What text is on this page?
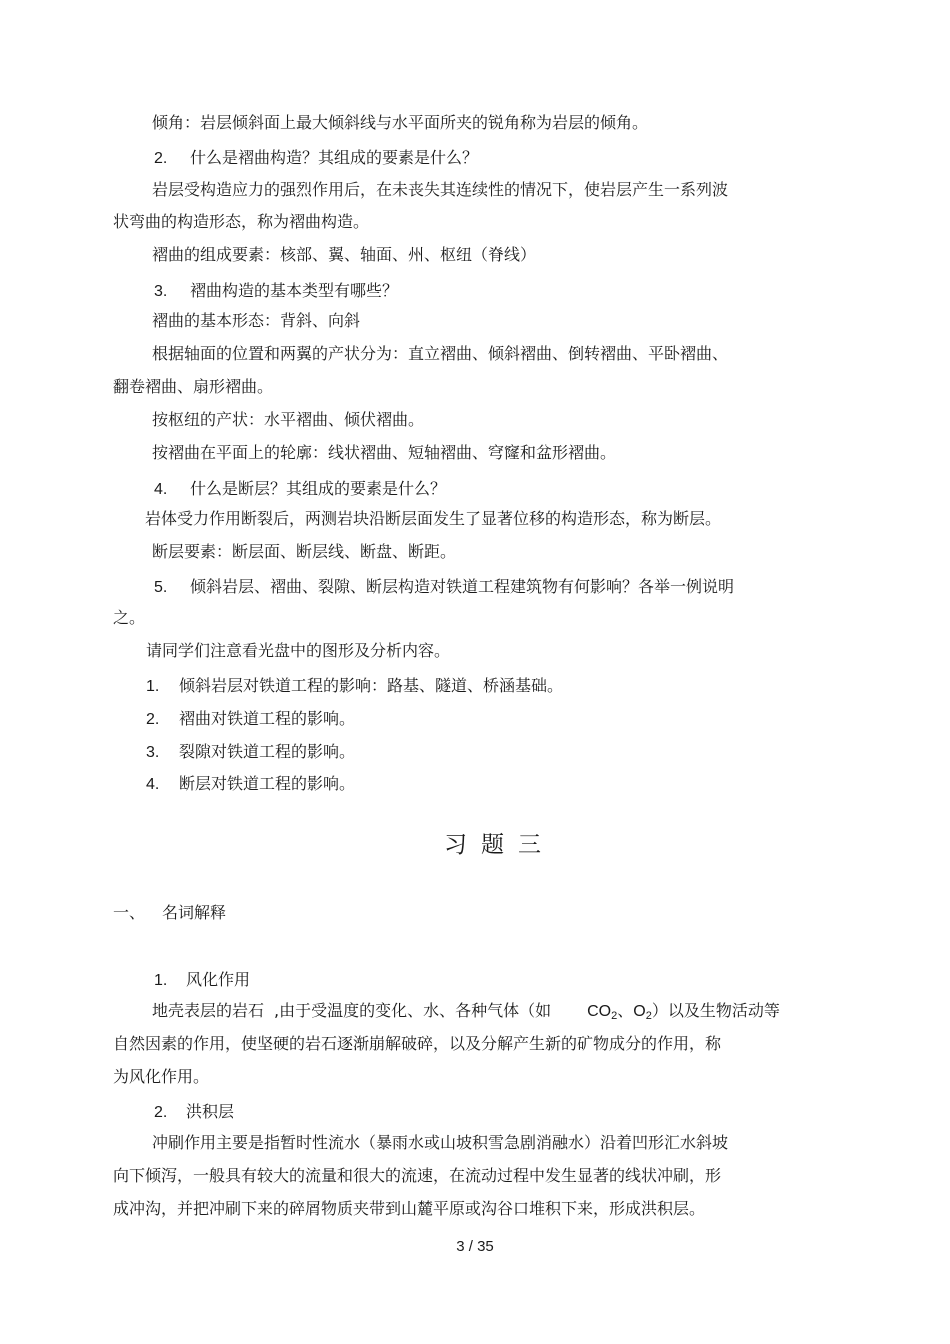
倾角：岩层倾斜面上最大倾斜线与水平面所夹的锐角称为岩层的倾角。
2. 什么是褶曲构造？其组成的要素是什么？
岩层受构造应力的强烈作用后，在未丧失其连续性的情况下，使岩层产生一系列波
状弯曲的构造形态，称为褶曲构造。
褶曲的组成要素：核部、翼、轴面、州、枢纽（脊线）
3. 褶曲构造的基本类型有哪些？
褶曲的基本形态：背斜、向斜
根据轴面的位置和两翼的产状分为：直立褶曲、倾斜褶曲、倒转褶曲、平卧褶曲、
翻卷褶曲、扇形褶曲。
按枢纽的产状：水平褶曲、倾伏褶曲。
按褶曲在平面上的轮廓：线状褶曲、短轴褶曲、穹窿和盆形褶曲。
4. 什么是断层？其组成的要素是什么？
岩体受力作用断裂后，两测岩块沿断层面发生了显著位移的构造形态，称为断层。
断层要素：断层面、断层线、断盘、断距。
5. 倾斜岩层、褶曲、裂隙、断层构造对铁道工程建筑物有何影响？各举一例说明
之。
请同学们注意看光盘中的图形及分析内容。
1. 倾斜岩层对铁道工程的影响：路基、隧道、桥涵基础。
2. 褶曲对铁道工程的影响。
3. 裂隙对铁道工程的影响。
4. 断层对铁道工程的影响。
习题三
一、 名词解释
1. 风化作用
地壳表层的岩石 ,由于受温度的变化、水、各种气体（如 $CO_2$、$O_2$）以及生物活动等
自然因素的作用，使坚硬的岩石逐渐崩解破碎，以及分解产生新的矿物成分的作用，称
为风化作用。
2. 洪积层
冲刷作用主要是指暂时性流水（暴雨水或山坡积雪急剧消融水）沿着凹形汇水斜坡
向下倾泻，一般具有较大的流量和很大的流速，在流动过程中发生显著的线状冲刷，形
成冲沟，并把冲刷下来的碎屑物质夹带到山麓平原或沟谷口堆积下来，形成洪积层。
3 / 35
